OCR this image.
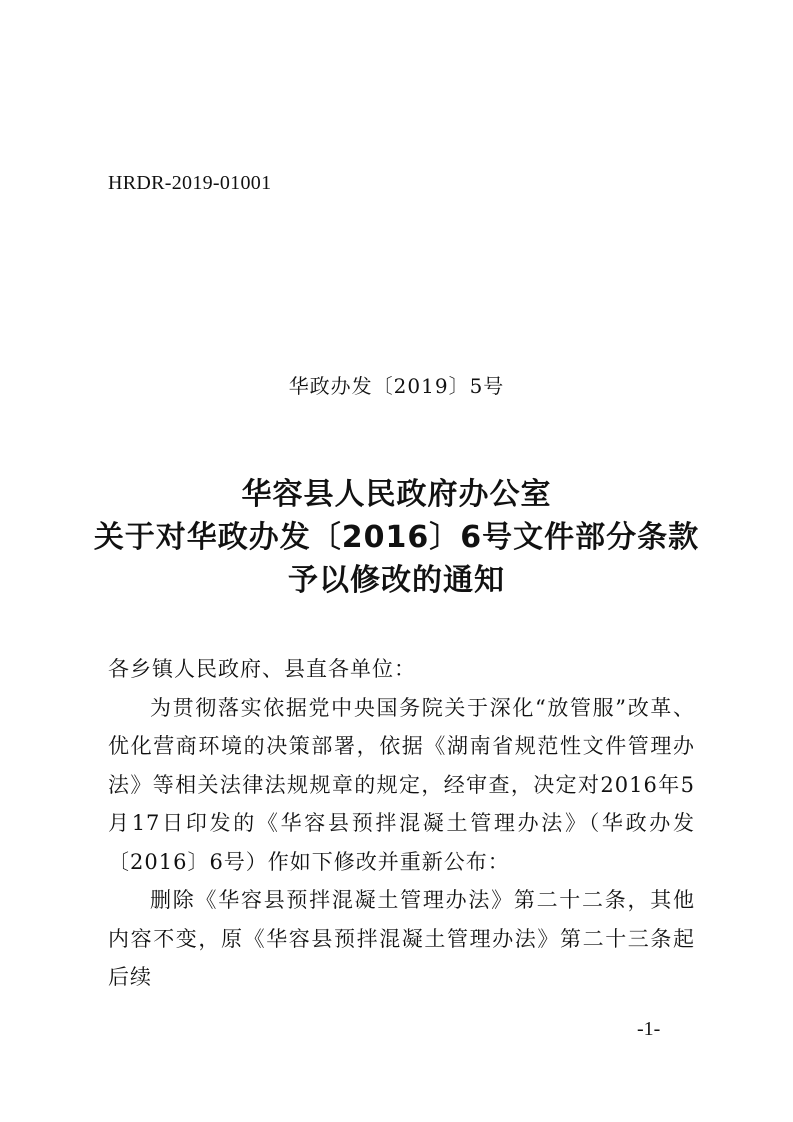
HRDR-2019-01001
华政办发〔2019〕5号
华容县人民政府办公室
关于对华政办发〔2016〕6号文件部分条款
予以修改的通知

各乡镇人民政府、县直各单位：

为贯彻落实依据党中央国务院关于深化“放管服”改革、优化营商环境的决策部署，依据《湖南省规范性文件管理办法》等相关法律法规规章的规定，经审查，决定对2016年5月17日印发的《华容县预拌混凝土管理办法》（华政办发〔2016〕6号）作如下修改并重新公布：

删除《华容县预拌混凝土管理办法》第二十二条，其他内容不变，原《华容县预拌混凝土管理办法》第二十三条起后续

-1-
